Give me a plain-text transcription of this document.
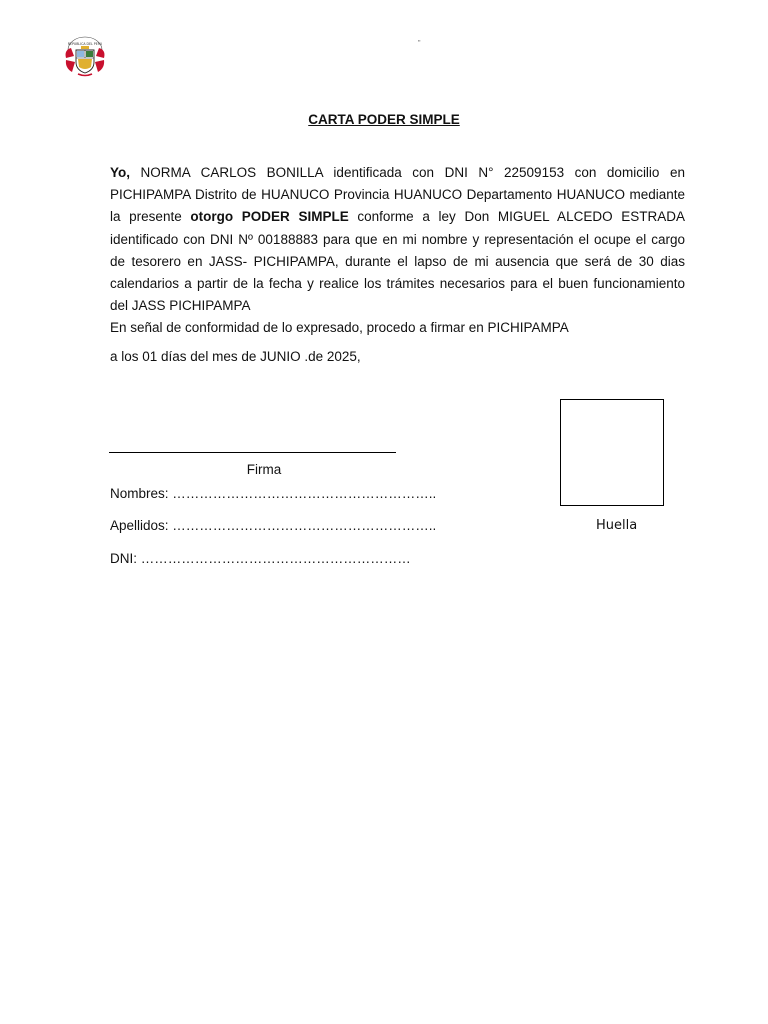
REPUBLICA DEL PERU	"
CARTA PODER SIMPLE

Yo, NORMA CARLOS BONILLA identificada con DNI N° 22509153 con domicilio en PICHIPAMPA Distrito de HUANUCO Provincia HUANUCO Departamento HUANUCO mediante la presente otorgo PODER SIMPLE conforme a ley Don MIGUEL ALCEDO ESTRADA identificado con DNI Nº 00188883 para que en mi nombre y representación el ocupe el cargo de tesorero en JASS- PICHIPAMPA, durante el lapso de mi ausencia que será de 30 dias calendarios a partir de la fecha y realice los trámites necesarios para el buen funcionamiento del JASS PICHIPAMPA

En señal de conformidad de lo expresado, procedo a firmar en PICHIPAMPA

a los 01 días del mes de JUNIO .de 2025,
Firma
Nombres: …………………………………………………..
Apellidos: …………………………………………………..
DNI: ……………………………………………………
Huella
